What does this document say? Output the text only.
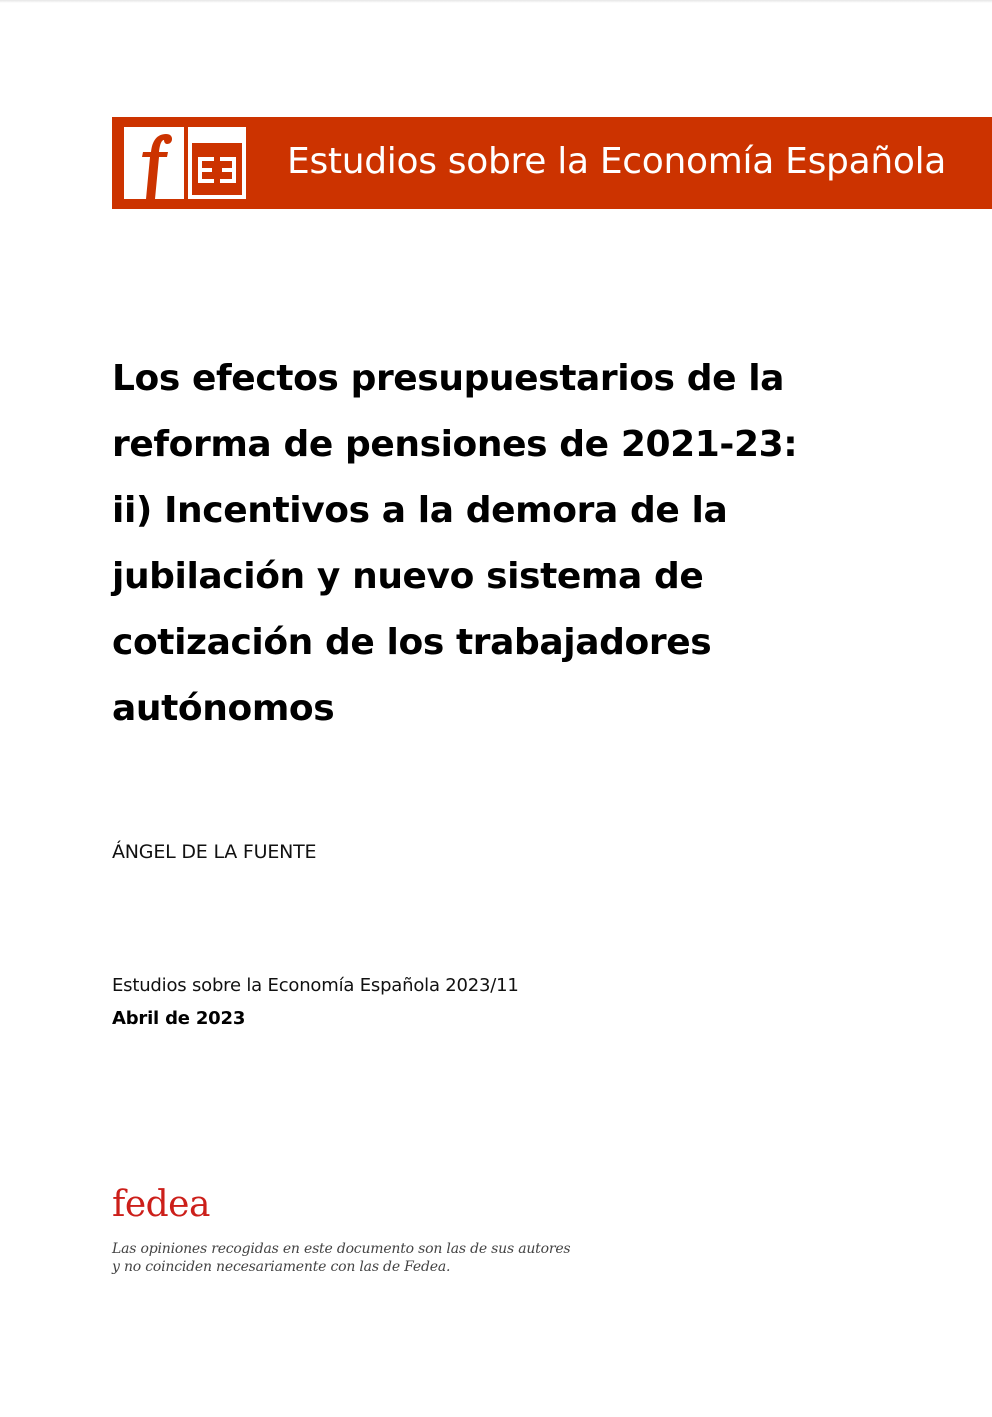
Estudios sobre la Economía Española
Los efectos presupuestarios de la
reforma de pensiones de 2021-23:
ii) Incentivos a la demora de la
jubilación y nuevo sistema de
cotización de los trabajadores
autónomos
ÁNGEL DE LA FUENTE
Estudios sobre la Economía Española 2023/11
Abril de 2023
fedea
Las opiniones recogidas en este documento son las de sus autores
y no coinciden necesariamente con las de Fedea.
